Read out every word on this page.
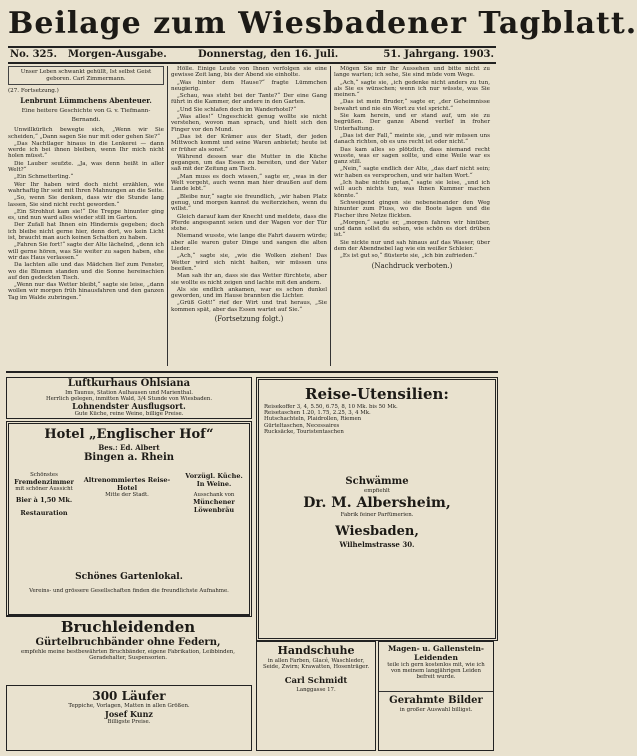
Beilage zum Wiesbadener Tagblatt.
No. 325. Morgen-Ausgabe.	Donnerstag, den 16. Juli.	51. Jahrgang. 1903.
Unser Leben schwankt gehüllt, Ist selbst Geist geboren. Carl Zimmermann.

(27. Fortsetzung.)

Lenbrunt Lümmchens Abenteuer.

Eine heitere Geschichte von G. v. Tiefmann-Bernandi.

Unwillkürlich bewegte sich, „Wenn wir Sie scheiden,“ „Dann sagen Sie nur mit oder gehen Sie?“

„Das Nachtlager hinaus in die Lenkerei — dann werde ich bei ihnen bleiben, wenn Ihr mich nicht holen müsst.“

Die Lauber seufzte. „Ja, was denn heißt in aller Welt?“

„Ein Schmetterling.“

Wer Ihr haben wird doch nicht erzählen, wie wahrhaftig Ihr seid mit Ihren Mahnungen an die Seite.

„So, wenn Sie denken, dass wir die Stunde lang lassen, Sie sind nicht recht geworden.“

„Ein Strohhut kam sie!“ Die Treppe hinunter ging es, und nun ward alles wieder still im Garten.

Der Zufall hat Ihnen ein Hindernis gegeben; doch ich bleibe nicht gerne hier, denn dort, wo kein Licht ist, braucht man auch keinen Schatten zu haben.

„Fahren Sie fort!“ sagte der Alte lächelnd, „denn ich will gerne hören, was Sie weiter zu sagen haben, ehe wir das Haus verlassen.“

Da lachten alle und das Mädchen lief zum Fenster, wo die Blumen standen und die Sonne hereinschien auf den gedeckten Tisch.

„Wenn nur das Wetter bleibt,“ sagte sie leise, „dann wollen wir morgen früh hinausfahren und den ganzen Tag im Walde zubringen.“

Hölle. Einige Leute von Ihnen verfolgen sie eine gewisse Zeit lang, bis der Abend sie einholte.

„Was hinter dem Hause?“ fragte Lümmchen neugierig.

„Schau, was steht bei der Tante?“ Der eine Gang führt in die Kammer, der andere in den Garten.

„Und Sie schlafen doch im Wanderhotel?“

„Was alles!“ Ungeschickt genug wollte sie nicht verstehen, wovon man sprach, und hielt sich den Finger vor den Mund.

„Das ist der Krämer aus der Stadt, der jeden Mittwoch kommt und seine Waren anbietet; heute ist er früher als sonst.“

Während dessen war die Mutter in die Küche gegangen, um das Essen zu bereiten, und der Vater saß mit der Zeitung am Tisch.

„Man muss es doch wissen,“ sagte er, „was in der Welt vorgeht, auch wenn man hier draußen auf dem Lande lebt.“

„Bleibe nur,“ sagte sie freundlich, „wir haben Platz genug, und morgen kannst du weiterziehen, wenn du willst.“

Gleich darauf kam der Knecht und meldete, dass die Pferde angespannt seien und der Wagen vor der Tür stehe.

Niemand wusste, wie lange die Fahrt dauern würde; aber alle waren guter Dinge und sangen die alten Lieder.

„Ach,“ sagte sie, „wie die Wolken ziehen! Das Wetter wird sich nicht halten, wir müssen uns beeilen.“

Man sah ihr an, dass sie das Wetter fürchtete, aber sie wollte es nicht zeigen und lachte mit den andern.

Als sie endlich ankamen, war es schon dunkel geworden, und im Hause brannten die Lichter.

„Grüß Gott!“ rief der Wirt und trat heraus, „Sie kommen spät, aber das Essen wartet auf Sie.“

(Fortsetzung folgt.)

Mögen Sie mir Ihr Aussehen und bitte nicht zu lange warten; ich sehe, Sie sind müde vom Wege.

„Ach,“ sagte sie, „ich gedenke nicht anders zu tun, als Sie es wünschen; wenn ich nur wüsste, was Sie meinen.“

„Das ist mein Bruder,“ sagte er, „der Geheimnisse bewahrt und nie ein Wort zu viel spricht.“

Sie kam herein, und er stand auf, um sie zu begrüßen. Der ganze Abend verlief in froher Unterhaltung.

„Das ist der Fall,“ meinte sie, „und wir müssen uns danach richten, ob es uns recht ist oder nicht.“

Das kam alles so plötzlich, dass niemand recht wusste, was er sagen sollte, und eine Weile war es ganz still.

„Nein,“ sagte endlich der Alte, „das darf nicht sein; wir haben es versprochen, und wir halten Wort.“

„Ich habe nichts getan,“ sagte sie leise, „und ich will auch nichts tun, was Ihnen Kummer machen könnte.“

Schweigend gingen sie nebeneinander den Weg hinunter zum Fluss, wo die Boote lagen und die Fischer ihre Netze flickten.

„Morgen,“ sagte er, „morgen fahren wir hinüber, und dann sollst du sehen, wie schön es dort drüben ist.“

Sie nickte nur und sah hinaus auf das Wasser, über dem der Abendnebel lag wie ein weißer Schleier.

„Es ist gut so,“ flüsterte sie, „ich bin zufrieden.“

(Nachdruck verboten.)

Luftkurhaus Ohlsiana
Im Taunus, Station Aulhausen und Marienthal.
Herrlich gelegen, inmitten Wald, 3/4 Stunde von Wiesbaden.
Lohnendster Ausflugsort.
Gute Küche, reine Weine, billige Preise.
Hotel „Englischer Hof“
Bes.: Ed. Albert
Bingen a. Rhein
Schönstes
Fremdenzimmer
mit schöner Aussicht
Bier à 1,50 Mk.
Restauration
Altrenommiertes Reise-Hotel
Mitte der Stadt.
Vorzügl. Küche.
In Weine.
Ausschank von
Münchener Löwenbräu
Schönes Gartenlokal.
Vereins- und grössere Gesellschaften finden die freundlichste Aufnahme.
Bruchleidenden
Gürtelbruchbänder ohne Federn,
empfehle meine bestbewährten Bruchbänder, eigene Fabrikation, Leibbinden, Geradehalter, Suspensorien.
300 Läufer
Teppiche, Vorlagen, Matten in allen Größen.
Josef Kunz
Billigste Preise.
Reise-Utensilien:
Reisekoffer 3, 4, 5.50, 6.75, 8, 10 Mk. bis 50 Mk.
Reisetaschen 1.20, 1.75, 2.25, 3, 4 Mk.
Hutschachteln, Plaidrollen, Riemen
Gürteltaschen, Necessaires
Rucksäcke, Touristentaschen
Schwämme
empfiehlt
Dr. M. Albersheim,
Fabrik feiner Parfümerien.
Wiesbaden,
Wilhelmstrasse 30.
Handschuhe
in allen Farben, Glacé, Waschleder, Seide, Zwirn; Krawatten, Hosenträger.
Carl Schmidt
Langgasse 17.
Magen- u. Gallenstein-Leidenden
teile ich gern kostenlos mit, wie ich von meinem langjährigen Leiden befreit wurde.
Gerahmte Bilder
in großer Auswahl billigst.
